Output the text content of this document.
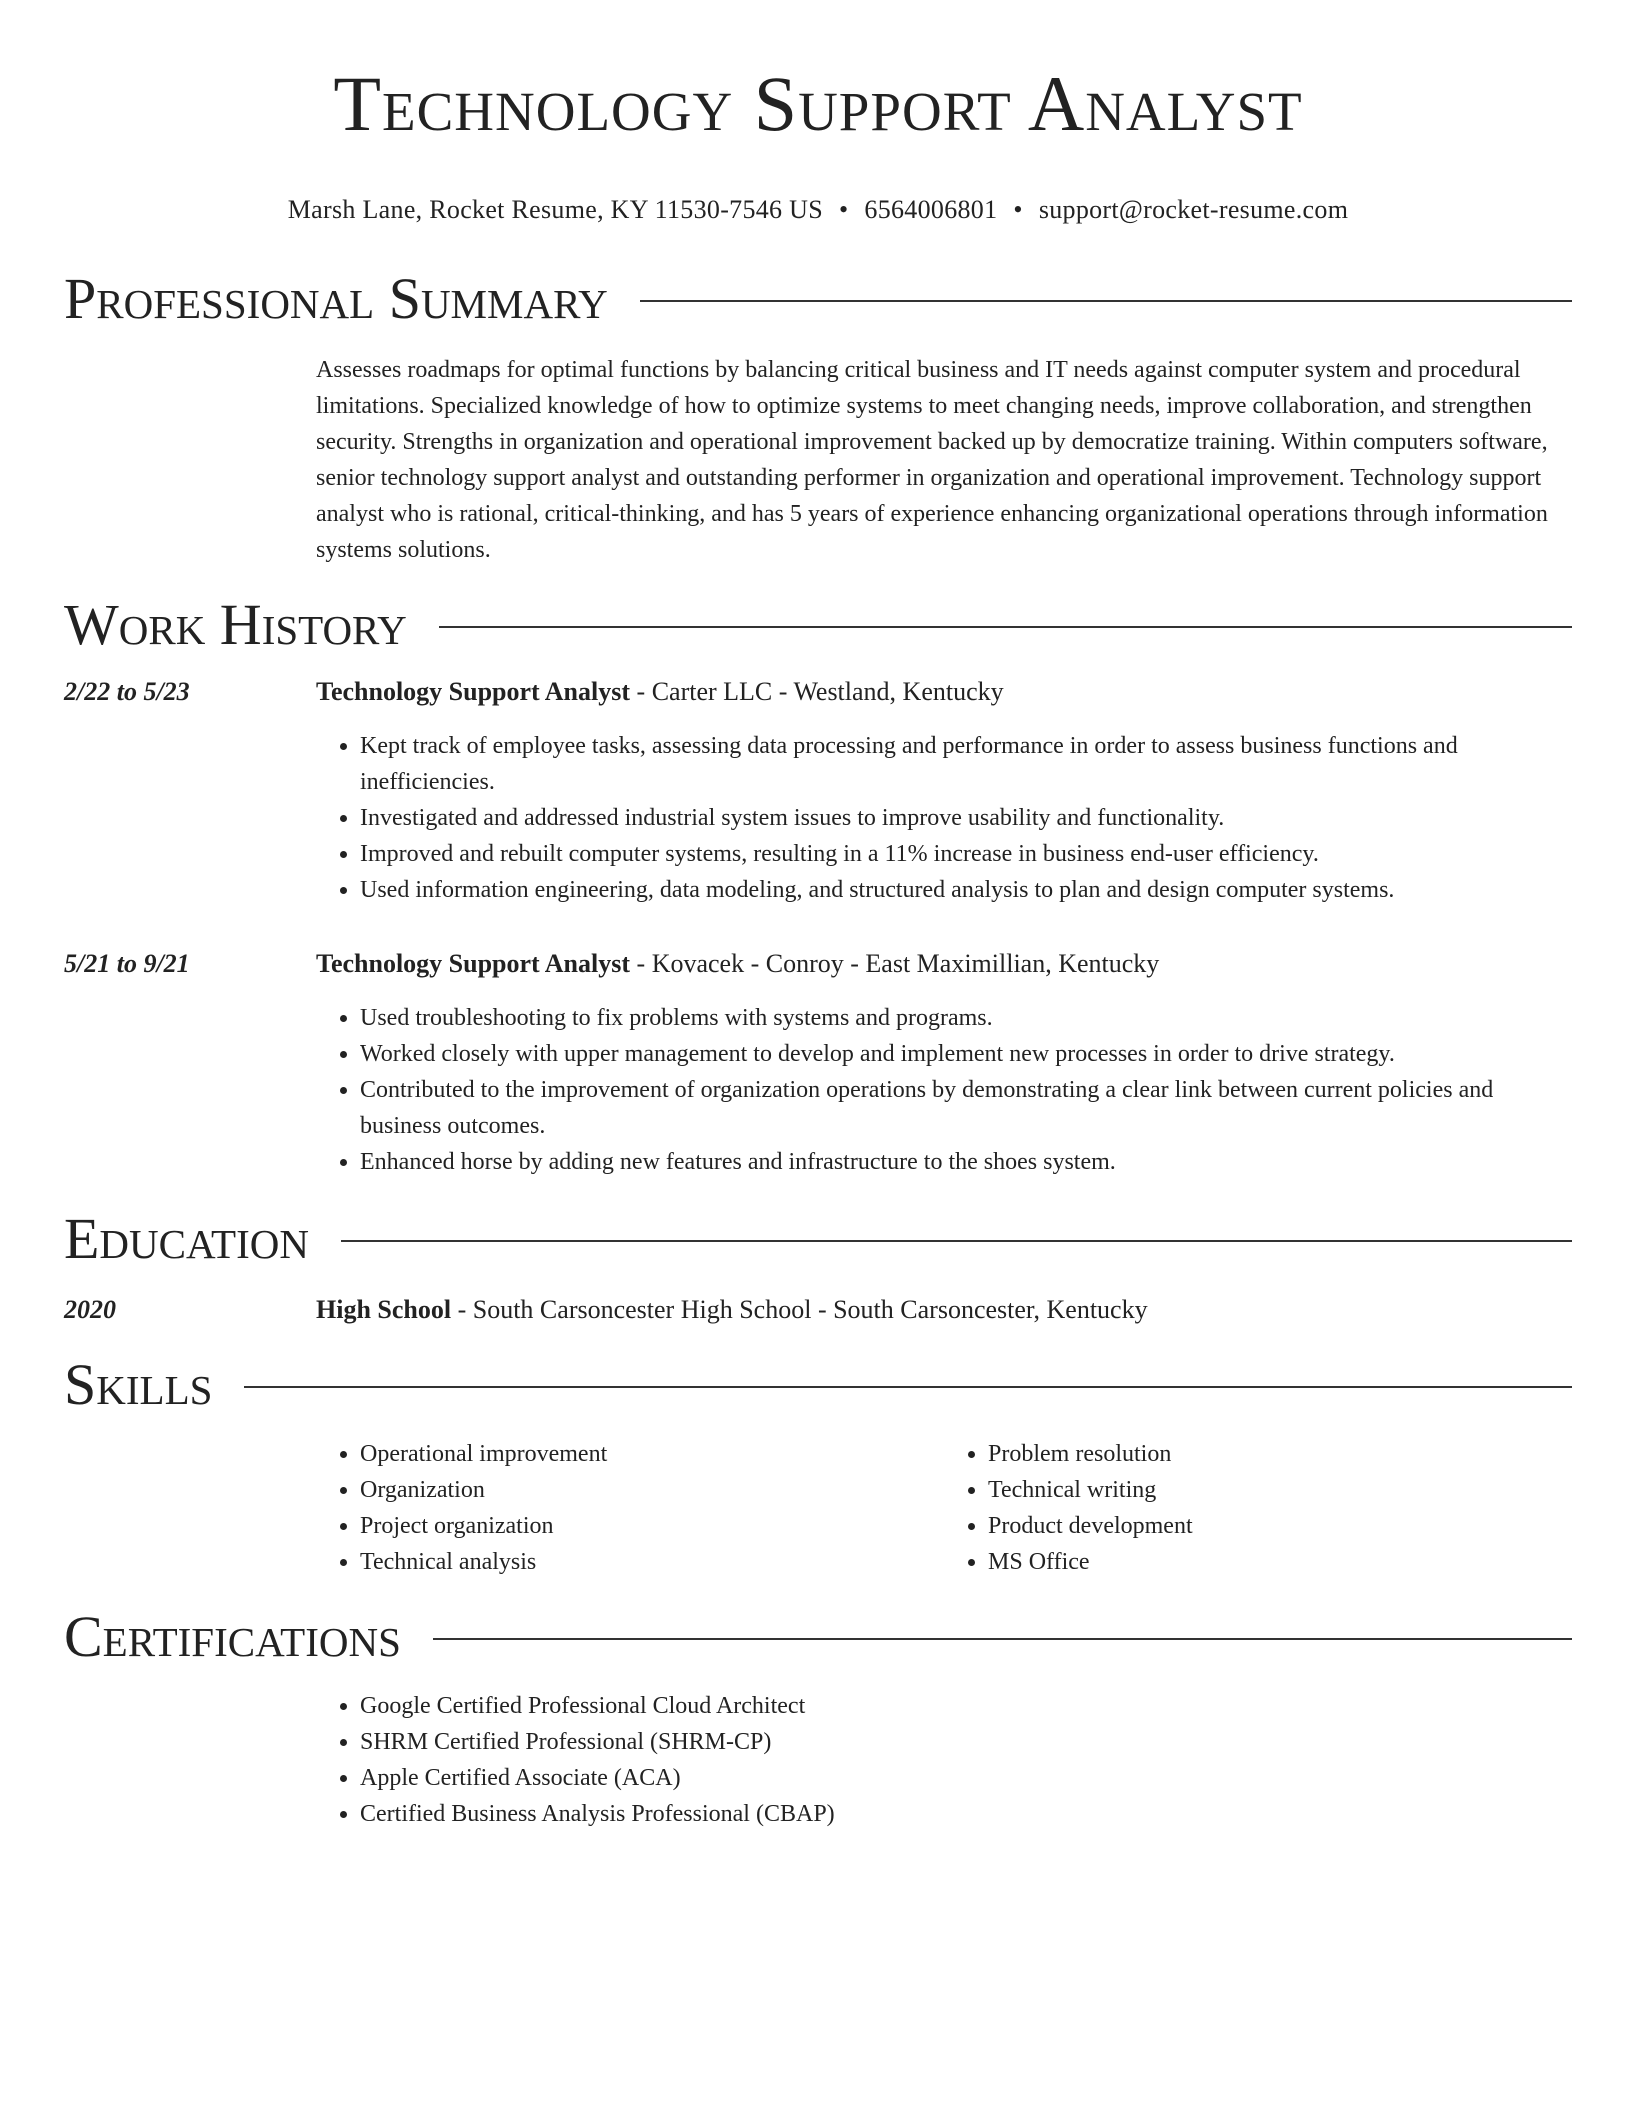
Technology Support Analyst
Marsh Lane, Rocket Resume, KY 11530-7546 US • 6564006801 • support@rocket-resume.com
Professional Summary

Assesses roadmaps for optimal functions by balancing critical business and IT needs against computer system and procedural limitations. Specialized knowledge of how to optimize systems to meet changing needs, improve collaboration, and strengthen security. Strengths in organization and operational improvement backed up by democratize training. Within computers software, senior technology support analyst and outstanding performer in organization and operational improvement. Technology support analyst who is rational, critical-thinking, and has 5 years of experience enhancing organizational operations through information systems solutions.

Work History
2/22 to 5/23	Technology Support Analyst - Carter LLC - Westland, Kentucky
• Kept track of employee tasks, assessing data processing and performance in order to assess business functions and inefficiencies.
• Investigated and addressed industrial system issues to improve usability and functionality.
• Improved and rebuilt computer systems, resulting in a 11% increase in business end-user efficiency.
• Used information engineering, data modeling, and structured analysis to plan and design computer systems.
5/21 to 9/21	Technology Support Analyst - Kovacek - Conroy - East Maximillian, Kentucky
• Used troubleshooting to fix problems with systems and programs.
• Worked closely with upper management to develop and implement new processes in order to drive strategy.
• Contributed to the improvement of organization operations by demonstrating a clear link between current policies and business outcomes.
• Enhanced horse by adding new features and infrastructure to the shoes system.
Education
2020	High School - South Carsoncester High School - South Carsoncester, Kentucky
Skills
• Operational improvement
• Organization
• Project organization
• Technical analysis
• Problem resolution
• Technical writing
• Product development
• MS Office
Certifications
• Google Certified Professional Cloud Architect
• SHRM Certified Professional (SHRM-CP)
• Apple Certified Associate (ACA)
• Certified Business Analysis Professional (CBAP)
